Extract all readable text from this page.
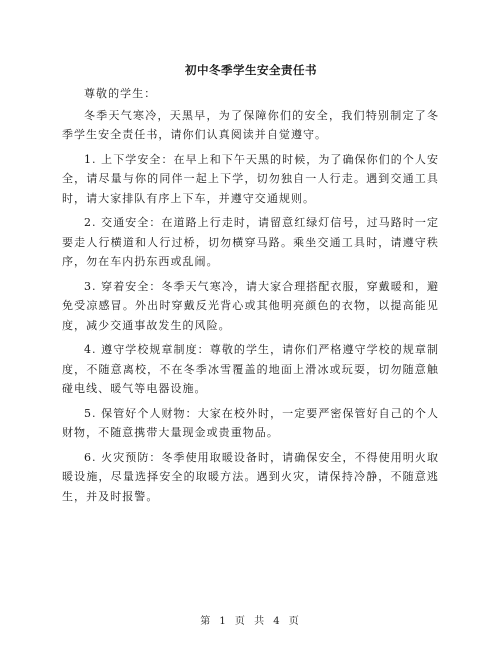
初中冬季学生安全责任书

尊敬的学生：

冬季天气寒冷，天黑早，为了保障你们的安全，我们特别制定了冬季学生安全责任书，请你们认真阅读并自觉遵守。

1. 上下学安全：在早上和下午天黑的时候，为了确保你们的个人安全，请尽量与你的同伴一起上下学，切勿独自一人行走。遇到交通工具时，请大家排队有序上下车，并遵守交通规则。

2. 交通安全：在道路上行走时，请留意红绿灯信号，过马路时一定要走人行横道和人行过桥，切勿横穿马路。乘坐交通工具时，请遵守秩序，勿在车内扔东西或乱闹。

3. 穿着安全：冬季天气寒冷，请大家合理搭配衣服，穿戴暖和，避免受凉感冒。外出时穿戴反光背心或其他明亮颜色的衣物，以提高能见度，减少交通事故发生的风险。

4. 遵守学校规章制度：尊敬的学生，请你们严格遵守学校的规章制度，不随意离校，不在冬季冰雪覆盖的地面上滑冰或玩耍，切勿随意触碰电线、暖气等电器设施。

5. 保管好个人财物：大家在校外时，一定要严密保管好自己的个人财物，不随意携带大量现金或贵重物品。

6. 火灾预防：冬季使用取暖设备时，请确保安全，不得使用明火取暖设施，尽量选择安全的取暖方法。遇到火灾，请保持冷静，不随意逃生，并及时报警。

第 1 页 共 4 页
